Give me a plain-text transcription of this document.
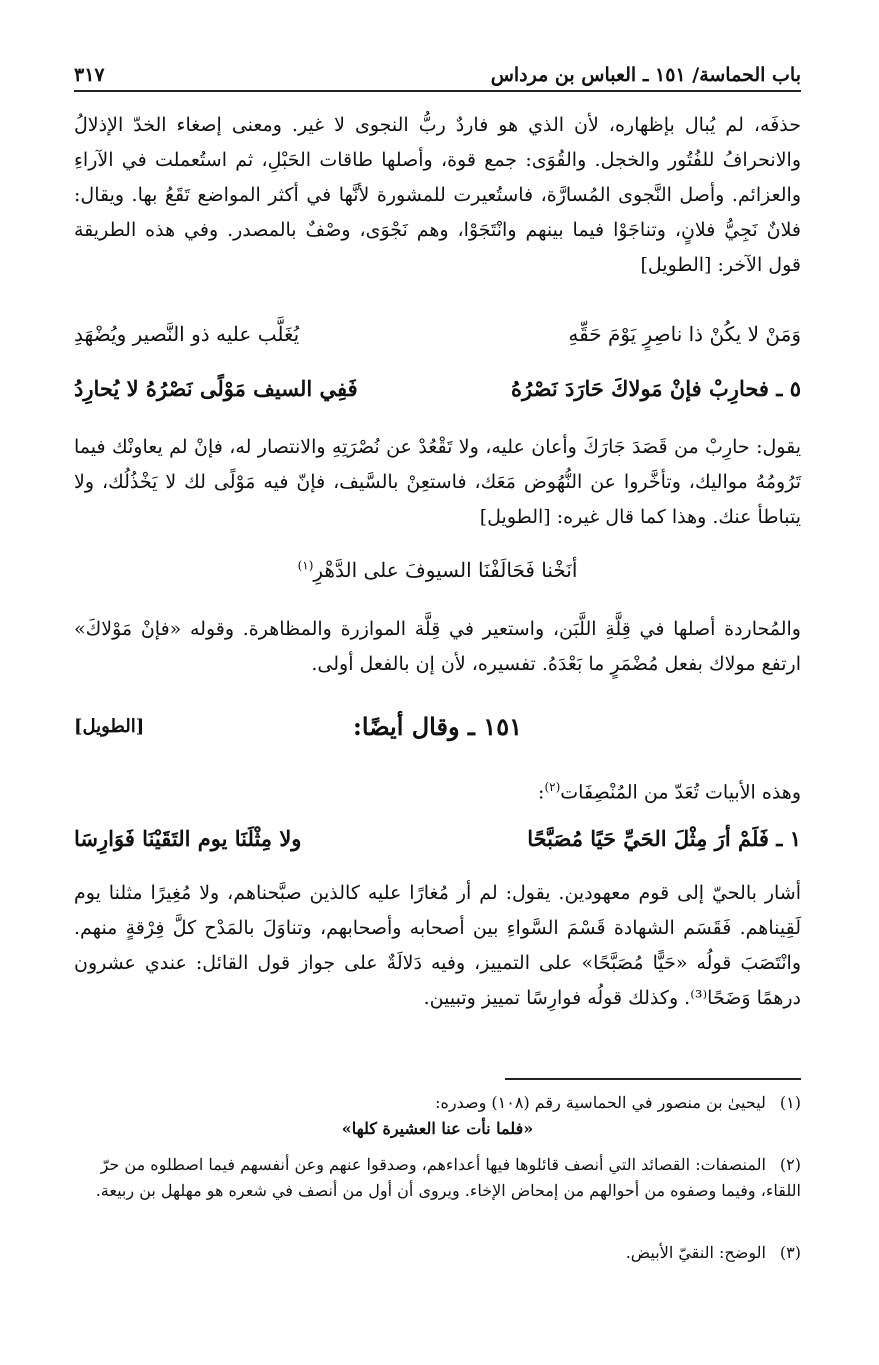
باب الحماسة/ ١٥١ ـ العباس بن مرداس
٣١٧

حذفَه، لم يُبال بإظهاره، لأن الذي هو فاردٌ ربُّ النجوى لا غير. ومعنى إصغاء الخدّ الإذلالُ والانحرافُ للفُتُور والخجل. والقُوَى: جمع قوة، وأصلها طاقات الحَبْلِ، ثم استُعملت في الآراءِ والعزائم. وأصل النَّجوى المُسارَّة، فاستُعيرت للمشورة لأنَّها في أكثر المواضع تَقَعُ بها. ويقال: فلانٌ نَجِيُّ فلانٍ، وتناجَوْا فيما بينهم وانْتَجَوْا، وهم نَجْوَى، وصْفٌ بالمصدر. وفي هذه الطريقة قول الآخر: [الطويل]

وَمَنْ لا يكُنْ ذا ناصِرٍ يَوْمَ حَقِّهِ
يُغَلَّب عليه ذو النَّصير ويُضْهَدِ
٥ ـ فحارِبْ فإنْ مَولاكَ حَارَدَ نَصْرُهُ
فَفِي السيف مَوْلًى نَصْرُهُ لا يُحارِدُ

يقول: حارِبْ من قَصَدَ جَارَكَ وأعان عليه، ولا تَقْعُدْ عن نُصْرَتِهِ والانتصار له، فإنْ لم يعاونْك فيما تَرُومُهُ مواليك، وتأخَّروا عن النُّهُوض مَعَك، فاستعِنْ بالسَّيف، فإنّ فيه مَوْلًى لك لا يَخْذُلُك، ولا يتباطأ عنك. وهذا كما قال غيره: [الطويل]

أنَخْنا فَحَالَفْنَا السيوفَ على الدَّهْرِ$^{(١)}$

والمُحاردة أصلها في قِلَّةِ اللَّبَن، واستعير في قِلَّة الموازرة والمظاهرة. وقوله «فإنْ مَوْلاكَ» ارتفع مولاك بفعل مُضْمَرٍ ما بَعْدَهُ. تفسيره، لأن إن بالفعل أولى.

١٥١ ـ وقال أيضًا:
[الطويل]
وهذه الأبيات تُعَدّ من المُنْصِفَات$^{(٢)}$:
١ ـ فَلَمْ أرَ مِثْلَ الحَيِّ حَيًا مُصَبَّحًا
ولا مِثْلَنَا يوم التَقَيْنَا فَوَارِسَا

أشار بالحيّ إلى قوم معهودين. يقول: لم أر مُغارًا عليه كالذين صبَّحناهم، ولا مُغِيرًا مثلنا يوم لَقِيناهم. فَقَسَم الشهادة قَسْمَ السَّواءِ بين أصحابه وأصحابهم، وتناوَلَ بالمَدْح كلَّ فِرْقةٍ منهم. وانْتَصَبَ قولُه «حَيًّا مُصَبَّحًا» على التمييز، وفيه دَلالَةٌ على جواز قول القائل: عندي عشرون درهمًا وَضَحًا⁽³⁾. وكذلك قولُه فوارِسًا تمييز وتبيين.

(١) ليحيىٰ بن منصور في الحماسية رقم (١٠٨) وصدره:
«فلما نأت عنا العشيرة كلها»
(٢) المنصفات: القصائد التي أنصف قائلوها فيها أعداءهم، وصدقوا عنهم وعن أنفسهم فيما اصطلوه من حرّ اللقاء، وفيما وصفوه من أحوالهم من إمحاض الإخاء. ويروى أن أول من أنصف في شعره هو مهلهل بن ربيعة.
(٣) الوضح: النقيّ الأبيض.
